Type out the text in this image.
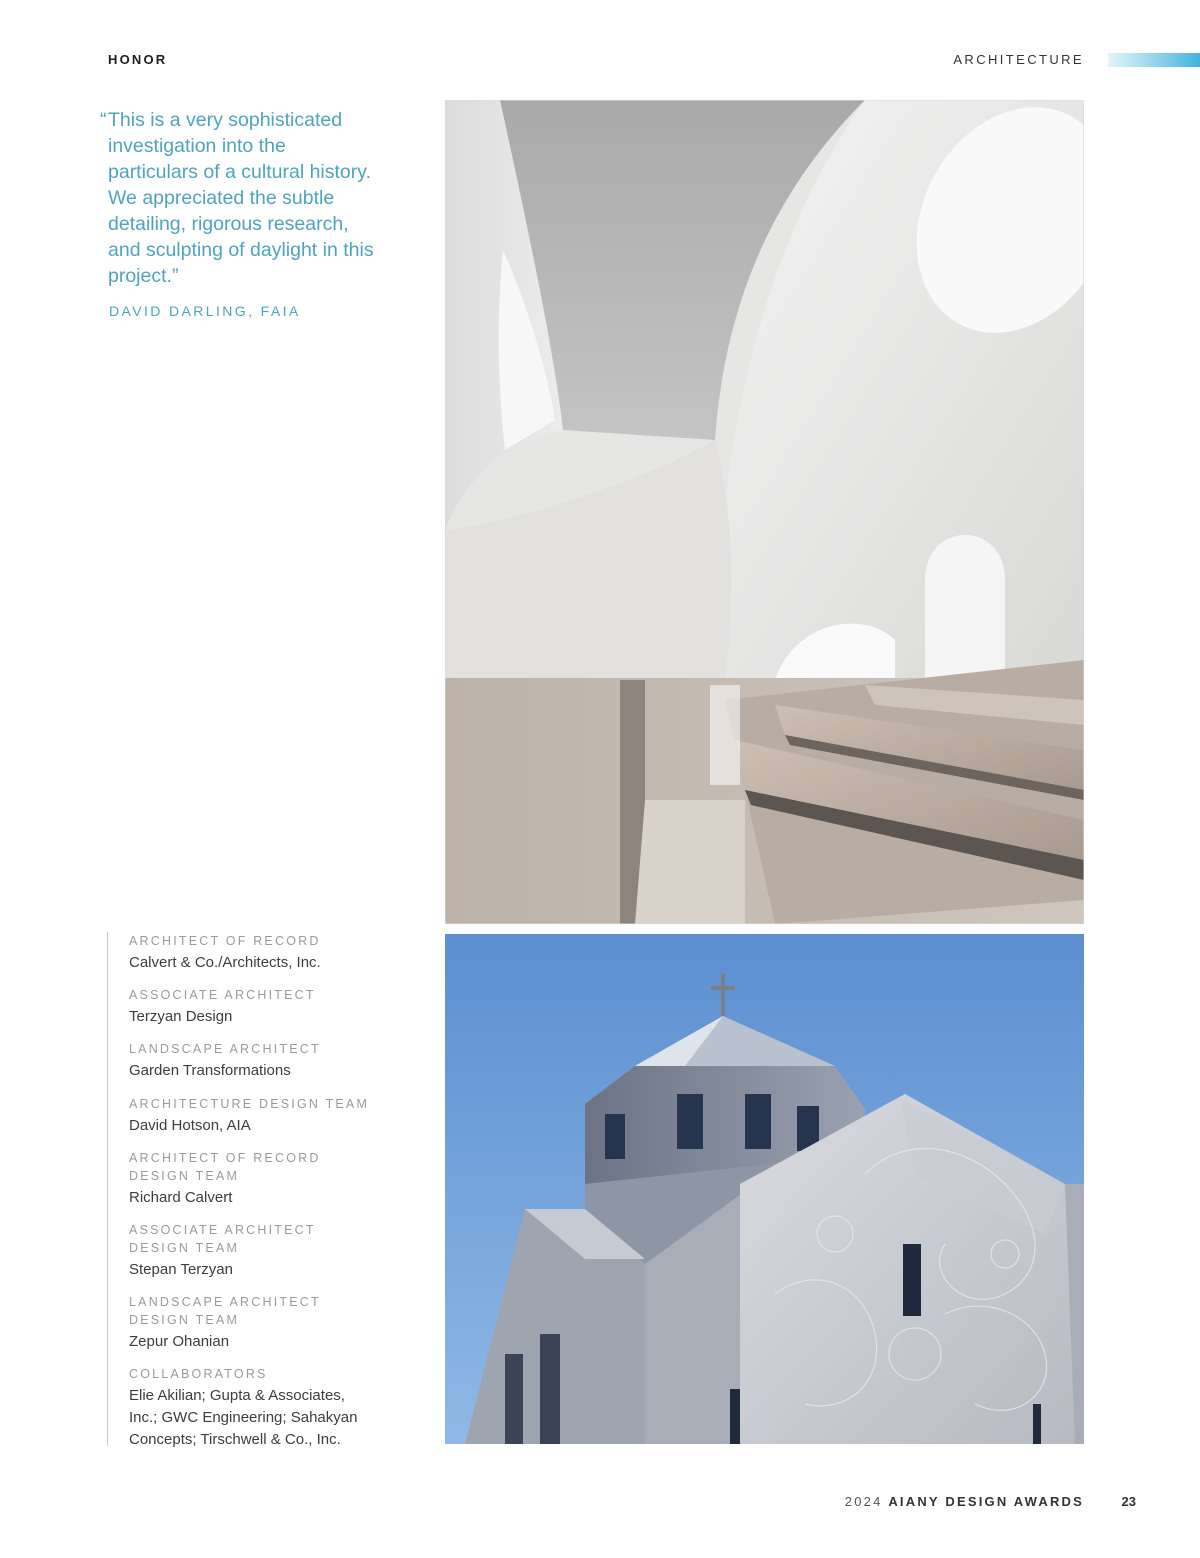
HONOR	ARCHITECTURE
“ This is a very sophisticated investigation into the particulars of a cultural history. We appreciated the subtle detailing, rigorous research, and sculpting of daylight in this project.”
DAVID DARLING, FAIA
ARCHITECT OF RECORD
Calvert & Co./Architects, Inc.
ASSOCIATE ARCHITECT
Terzyan Design
LANDSCAPE ARCHITECT
Garden Transformations
ARCHITECTURE DESIGN TEAM
David Hotson, AIA
ARCHITECT OF RECORD DESIGN TEAM
Richard Calvert
ASSOCIATE ARCHITECT DESIGN TEAM
Stepan Terzyan
LANDSCAPE ARCHITECT DESIGN TEAM
Zepur Ohanian
COLLABORATORS
Elie Akilian; Gupta & Associates, Inc.; GWC Engineering; Sahakyan Concepts; Tirschwell & Co., Inc.
2024 AIANY DESIGN AWARDS	23
